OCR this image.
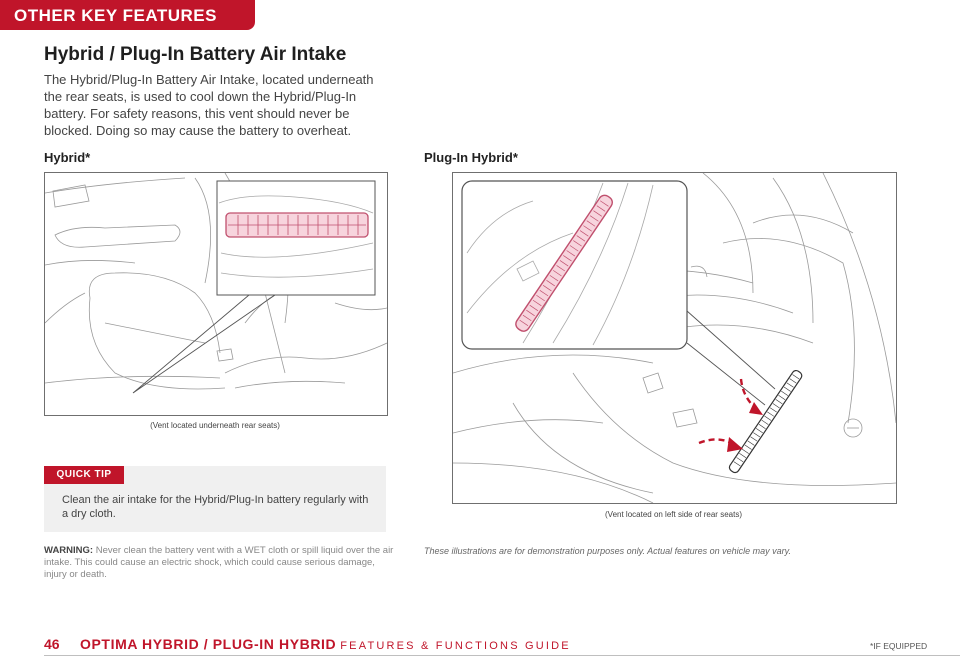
OTHER KEY FEATURES
Hybrid / Plug-In Battery Air Intake

The Hybrid/Plug-In Battery Air Intake, located underneath the rear seats, is used to cool down the Hybrid/Plug-In battery. For safety reasons, this vent should never be blocked. Doing so may cause the battery to overheat.

Hybrid*	Plug-In Hybrid*
(Vent located underneath rear seats)
(Vent located on left side of rear seats)
QUICK TIP

Clean the air intake for the Hybrid/Plug-In battery regularly with a dry cloth.

WARNING: Never clean the battery vent with a WET cloth or spill liquid over the air intake. This could cause an electric shock, which could cause serious damage, injury or death.

These illustrations are for demonstration purposes only. Actual features on vehicle may vary.

46 OPTIMA HYBRID / PLUG-IN HYBRID FEATURES & FUNCTIONS GUIDE	*IF EQUIPPED
